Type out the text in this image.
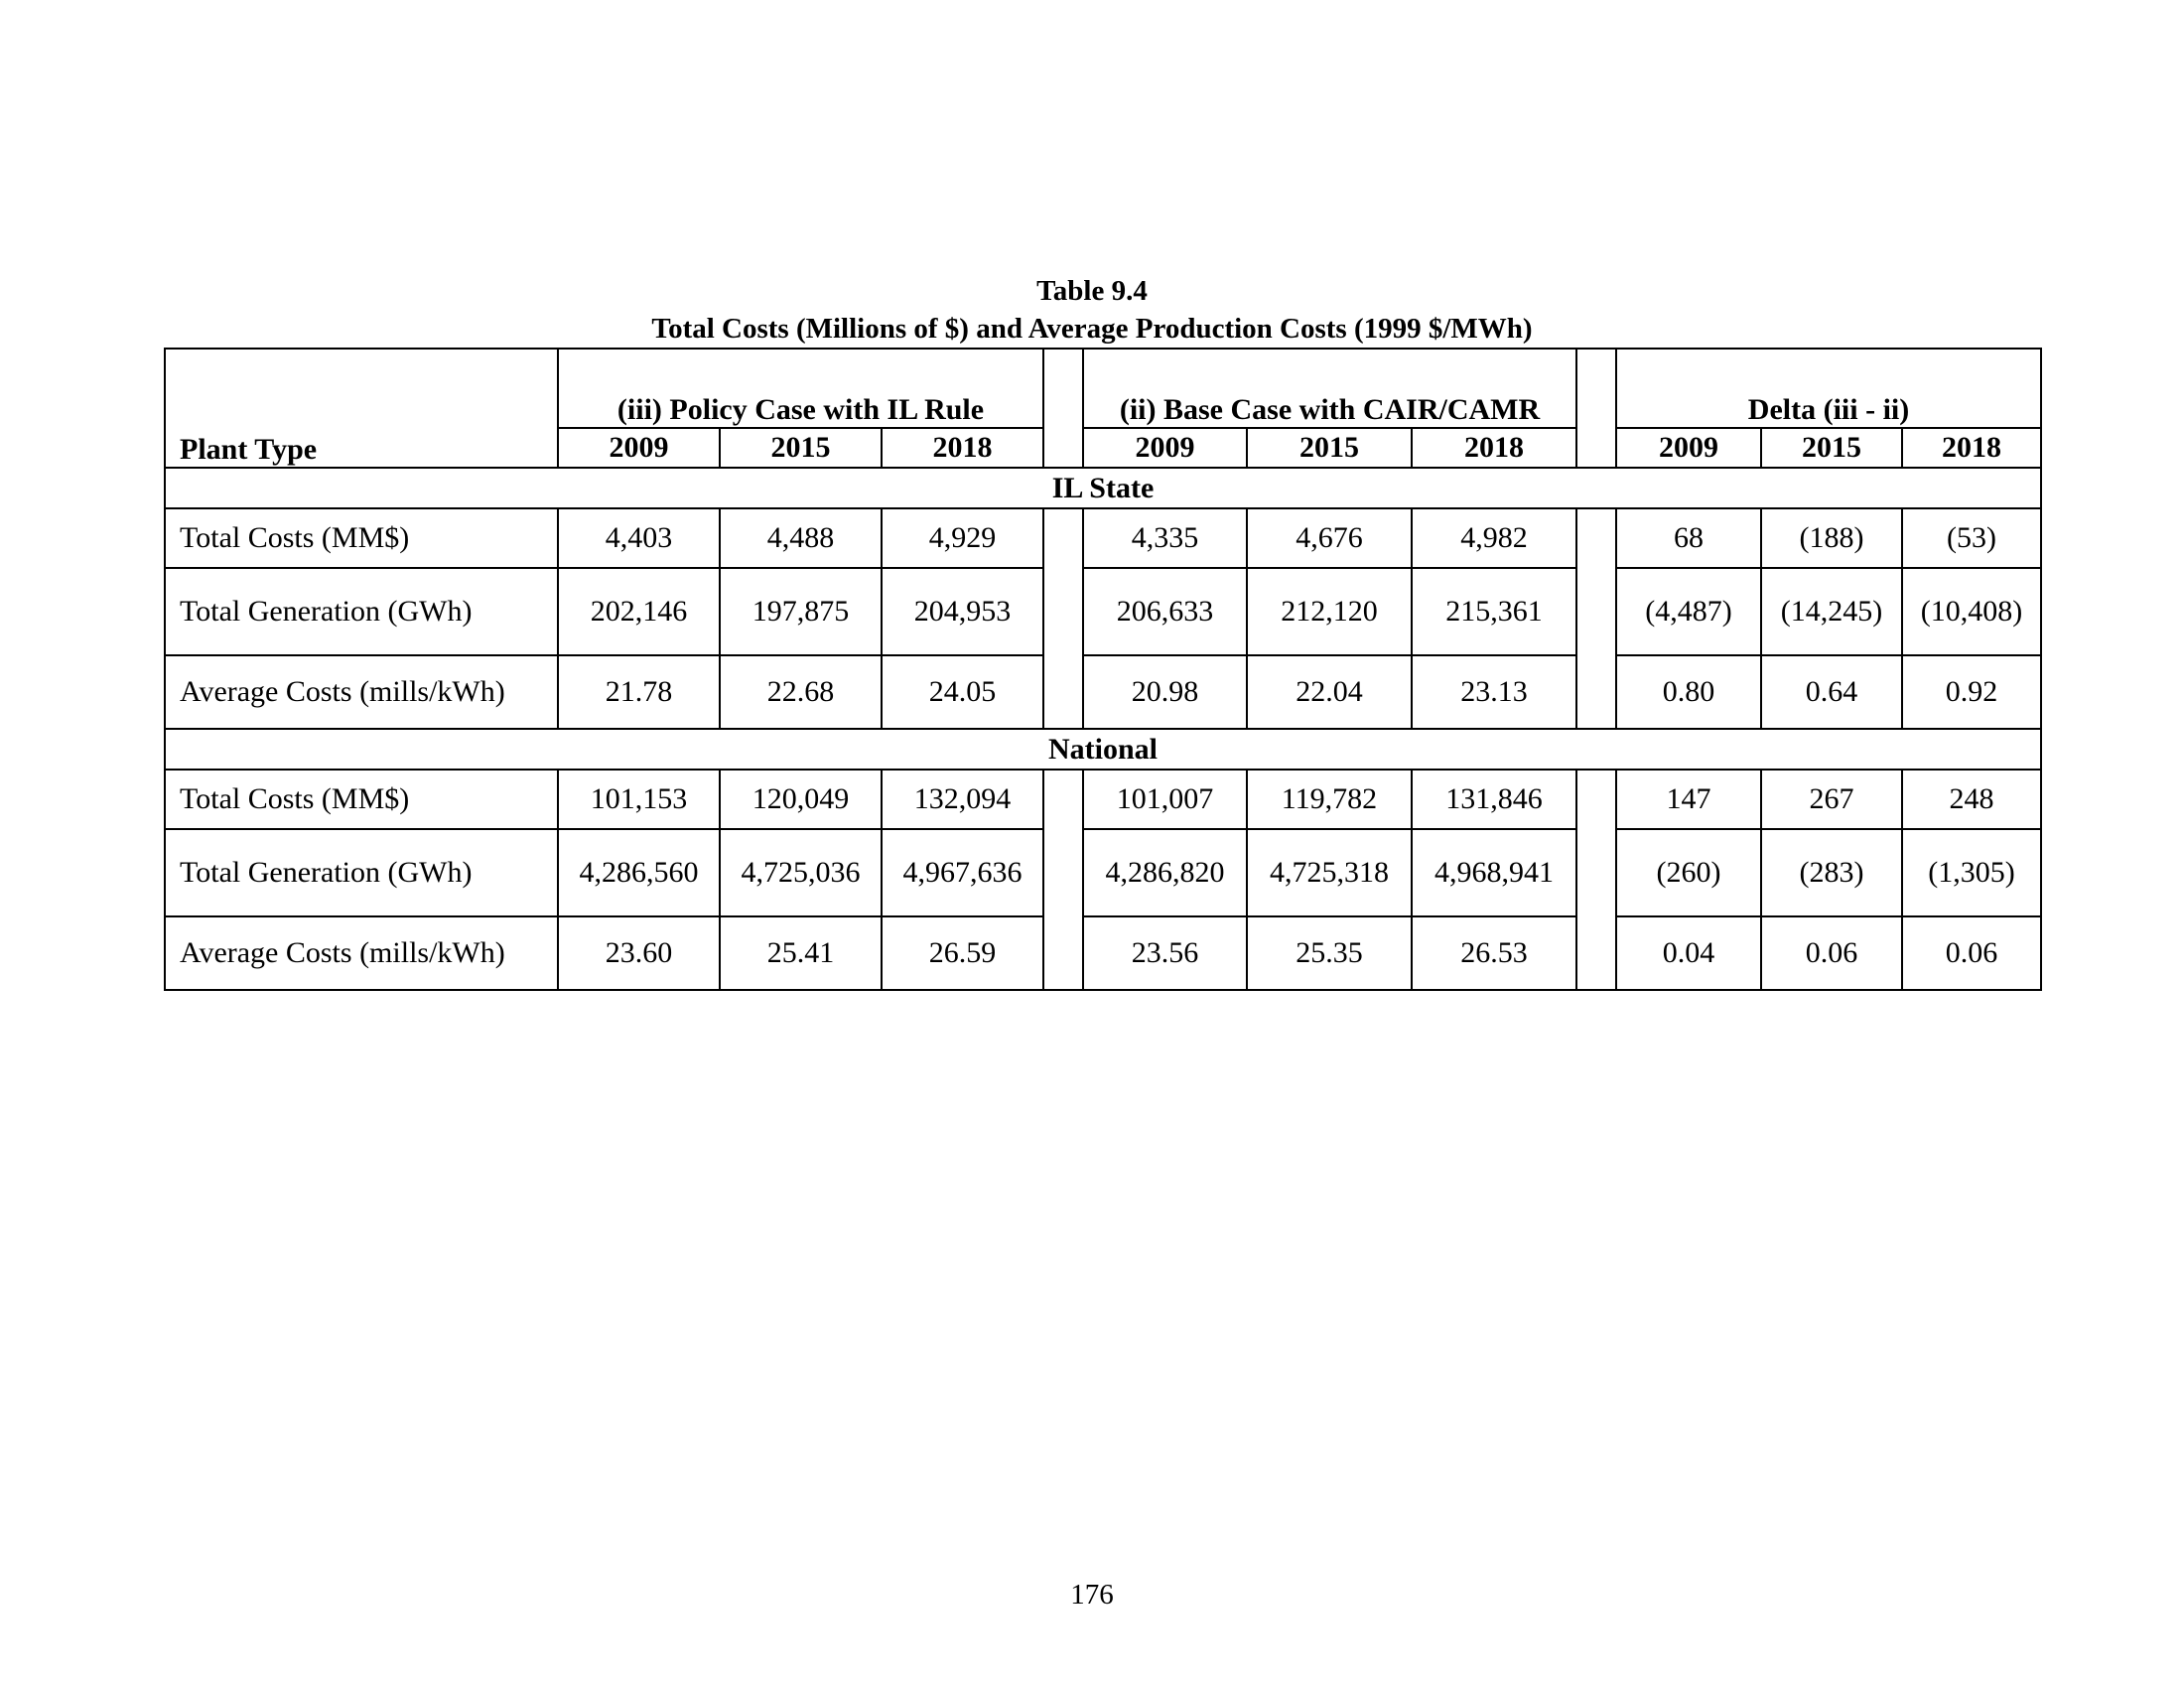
Table 9.4
Total Costs (Millions of $) and Average Production Costs (1999 $/MWh)
Plant Type	(iii) Policy Case with IL Rule				(ii) Base Case with CAIR/CAMR				Delta (iii - ii)		
	2009	2015	2018		2009	2015	2018		2009	2015	2018
IL State											
Total Costs (MM$)	4,403	4,488	4,929		4,335	4,676	4,982		68	(188)	(53)
Total Generation (GWh)	202,146	197,875	204,953		206,633	212,120	215,361		(4,487)	(14,245)	(10,408)
Average Costs (mills/kWh)	21.78	22.68	24.05		20.98	22.04	23.13		0.80	0.64	0.92
National											
Total Costs (MM$)	101,153	120,049	132,094		101,007	119,782	131,846		147	267	248
Total Generation (GWh)	4,286,560	4,725,036	4,967,636		4,286,820	4,725,318	4,968,941		(260)	(283)	(1,305)
Average Costs (mills/kWh)	23.60	25.41	26.59		23.56	25.35	26.53		0.04	0.06	0.06
176
